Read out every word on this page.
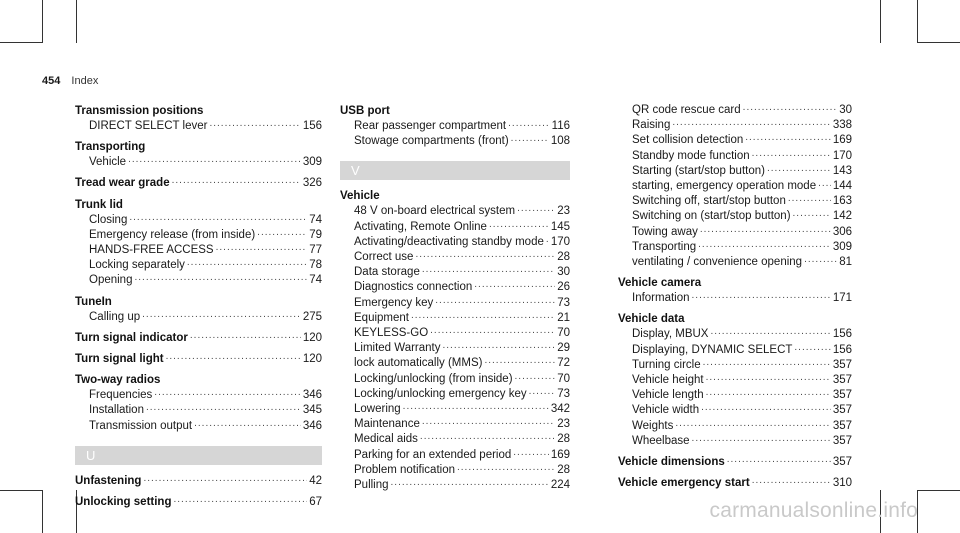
454 Index
Transmission positions
DIRECT SELECT lever .....	156
Transporting
Vehicle .....	309
Tread wear grade .....	326
Trunk lid
Closing .....	74
Emergency release (from inside) .....	79
HANDS-FREE ACCESS .....	77
Locking separately .....	78
Opening .....	74
TuneIn
Calling up .....	275
Turn signal indicator .....	120
Turn signal light .....	120
Two-way radios
Frequencies .....	346
Installation .....	345
Transmission output .....	346
U
Unfastening .....	42
Unlocking setting .....	67
USB port
Rear passenger compartment .....	116
Stowage compartments (front) .....	108
V
Vehicle
48 V on-board electrical system .....	23
Activating, Remote Online .....	145
Activating/deactivating standby mode ..... 170
Correct use .....	28
Data storage .....	30
Diagnostics connection .....	26
Emergency key .....	73
Equipment .....	21
KEYLESS-GO .....	70
Limited Warranty .....	29
lock automatically (MMS) .....	72
Locking/unlocking (from inside) .....	70
Locking/unlocking emergency key .....	73
Lowering .....	342
Maintenance .....	23
Medical aids .....	28
Parking for an extended period .....	169
Problem notification .....	28
Pulling .....	224
QR code rescue card .....	30
Raising .....	338
Set collision detection .....	169
Standby mode function .....	170
Starting (start/stop button) .....	143
starting, emergency operation mode ..... 144
Switching off, start/stop button .....	163
Switching on (start/stop button) .....	142
Towing away .....	306
Transporting .....	309
ventilating / convenience opening .....	81
Vehicle camera
Information .....	171
Vehicle data
Display, MBUX .....	156
Displaying, DYNAMIC SELECT .....	156
Turning circle .....	357
Vehicle height .....	357
Vehicle length .....	357
Vehicle width .....	357
Weights .....	357
Wheelbase .....	357
Vehicle dimensions .....	357
Vehicle emergency start .....	310
carmanualsonline.info
